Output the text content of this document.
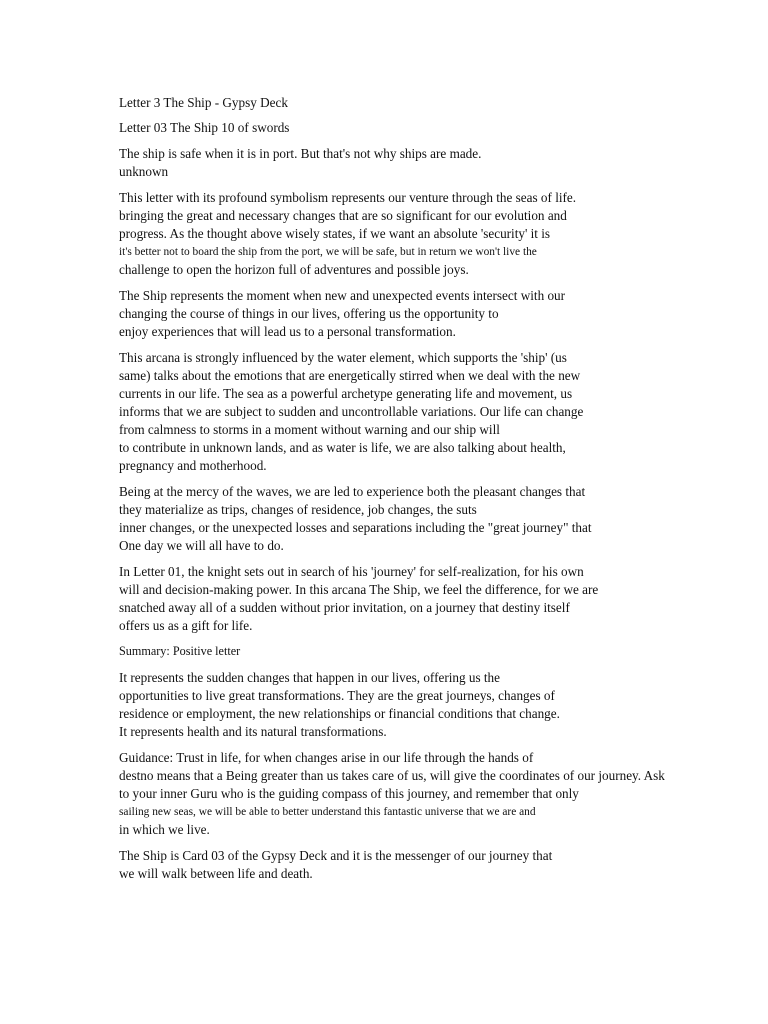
Letter 3 The Ship - Gypsy Deck
Letter 03 The Ship 10 of swords
The ship is safe when it is in port. But that's not why ships are made.
unknown
This letter with its profound symbolism represents our venture through the seas of life.
bringing the great and necessary changes that are so significant for our evolution and
progress. As the thought above wisely states, if we want an absolute 'security' it is
it's better not to board the ship from the port, we will be safe, but in return we won't live the
challenge to open the horizon full of adventures and possible joys.
The Ship represents the moment when new and unexpected events intersect with our
changing the course of things in our lives, offering us the opportunity to
enjoy experiences that will lead us to a personal transformation.
This arcana is strongly influenced by the water element, which supports the 'ship' (us
same) talks about the emotions that are energetically stirred when we deal with the new
currents in our life. The sea as a powerful archetype generating life and movement, us
informs that we are subject to sudden and uncontrollable variations. Our life can change
from calmness to storms in a moment without warning and our ship will
to contribute in unknown lands, and as water is life, we are also talking about health,
pregnancy and motherhood.
Being at the mercy of the waves, we are led to experience both the pleasant changes that
they materialize as trips, changes of residence, job changes, the suts
inner changes, or the unexpected losses and separations including the "great journey" that
One day we will all have to do.
In Letter 01, the knight sets out in search of his 'journey' for self-realization, for his own
will and decision-making power. In this arcana The Ship, we feel the difference, for we are
snatched away all of a sudden without prior invitation, on a journey that destiny itself
offers us as a gift for life.
Summary: Positive letter
It represents the sudden changes that happen in our lives, offering us the
opportunities to live great transformations. They are the great journeys, changes of
residence or employment, the new relationships or financial conditions that change.
It represents health and its natural transformations.
Guidance: Trust in life, for when changes arise in our life through the hands of
destno means that a Being greater than us takes care of us, will give the coordinates of our journey. Ask
to your inner Guru who is the guiding compass of this journey, and remember that only
sailing new seas, we will be able to better understand this fantastic universe that we are and
in which we live.
The Ship is Card 03 of the Gypsy Deck and it is the messenger of our journey that
we will walk between life and death.
